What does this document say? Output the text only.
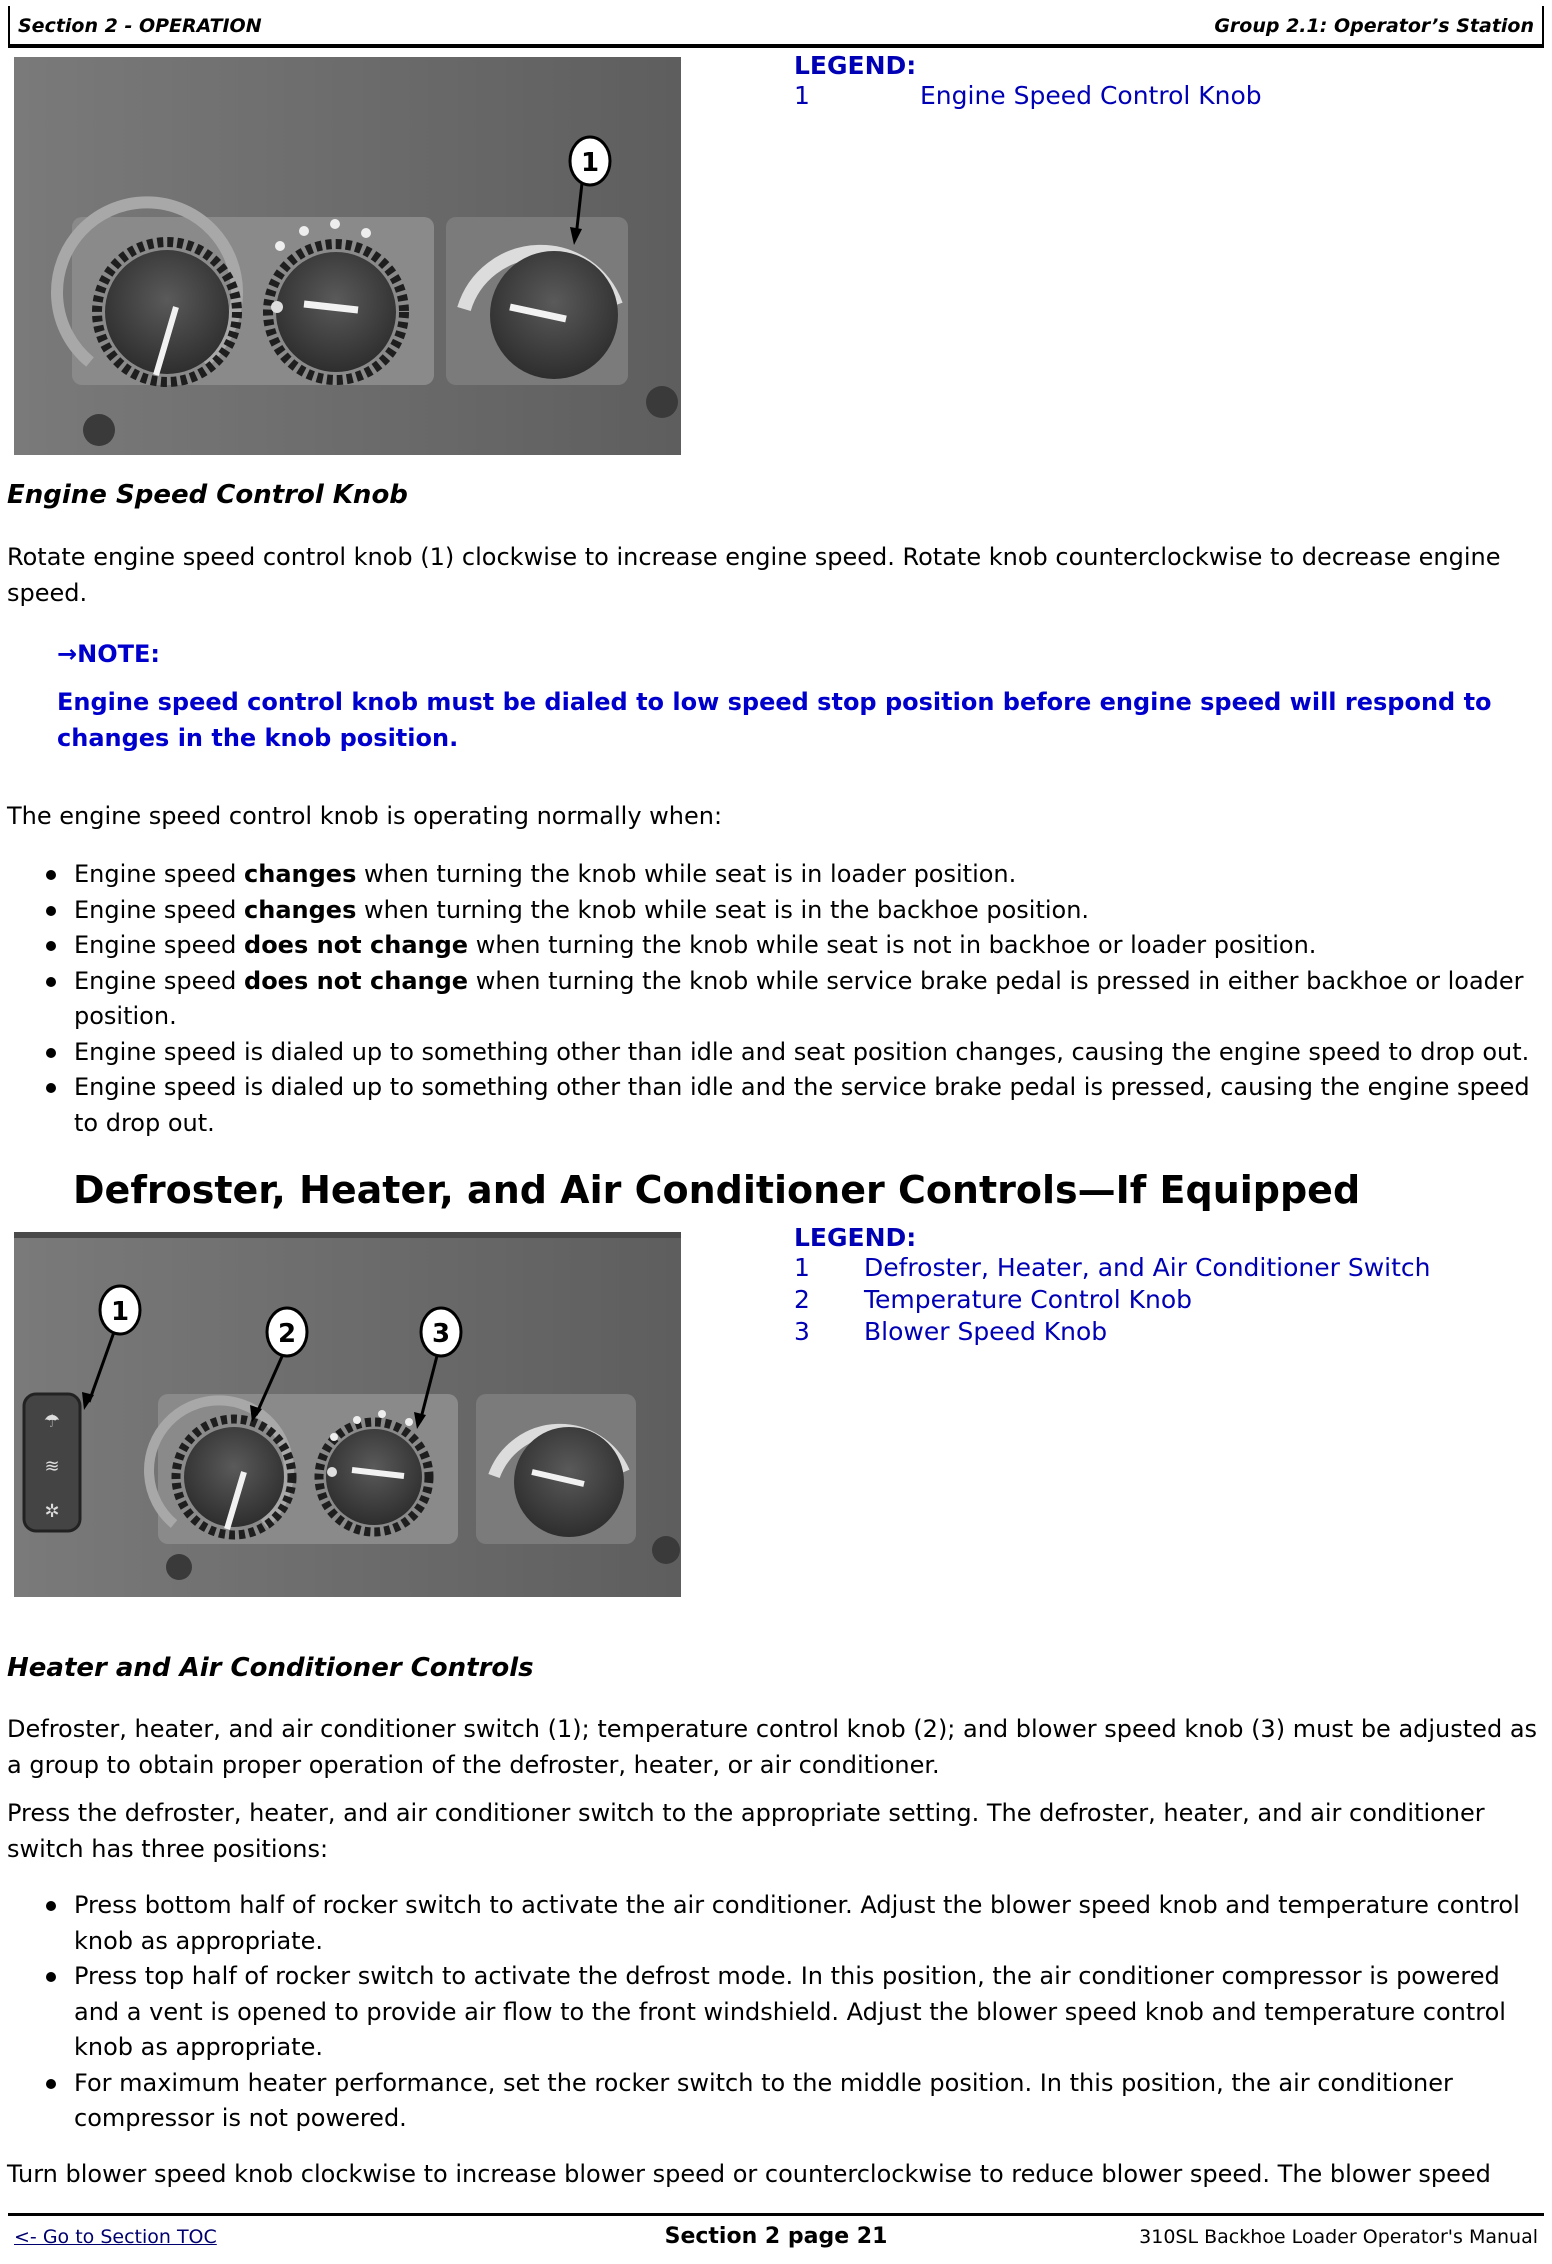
Section 2 - OPERATION	Group 2.1: Operator’s Station
1
LEGEND:
1	Engine Speed Control Knob
Engine Speed Control Knob
Rotate engine speed control knob (1) clockwise to increase engine speed. Rotate knob counterclockwise to decrease engine speed.
→NOTE:
Engine speed control knob must be dialed to low speed stop position before engine speed will respond to changes in the knob position.
The engine speed control knob is operating normally when:
Engine speed changes when turning the knob while seat is in loader position.
Engine speed changes when turning the knob while seat is in the backhoe position.
Engine speed does not change when turning the knob while seat is not in backhoe or loader position.
Engine speed does not change when turning the knob while service brake pedal is pressed in either backhoe or loader position.
Engine speed is dialed up to something other than idle and seat position changes, causing the engine speed to drop out.
Engine speed is dialed up to something other than idle and the service brake pedal is pressed, causing the engine speed to drop out.
Defroster, Heater, and Air Conditioner Controls—If Equipped
☂
≋
✲
1
2	3
LEGEND:
1	Defroster, Heater, and Air Conditioner Switch
2	Temperature Control Knob
3	Blower Speed Knob
Heater and Air Conditioner Controls
Defroster, heater, and air conditioner switch (1); temperature control knob (2); and blower speed knob (3) must be adjusted as a group to obtain proper operation of the defroster, heater, or air conditioner.
Press the defroster, heater, and air conditioner switch to the appropriate setting. The defroster, heater, and air conditioner switch has three positions:
Press bottom half of rocker switch to activate the air conditioner. Adjust the blower speed knob and temperature control knob as appropriate.
Press top half of rocker switch to activate the defrost mode. In this position, the air conditioner compressor is powered and a vent is opened to provide air flow to the front windshield. Adjust the blower speed knob and temperature control knob as appropriate.
For maximum heater performance, set the rocker switch to the middle position. In this position, the air conditioner compressor is not powered.
Turn blower speed knob clockwise to increase blower speed or counterclockwise to reduce blower speed. The blower speed
<- Go to Section TOC	Section 2 page 21	310SL Backhoe Loader Operator's Manual
